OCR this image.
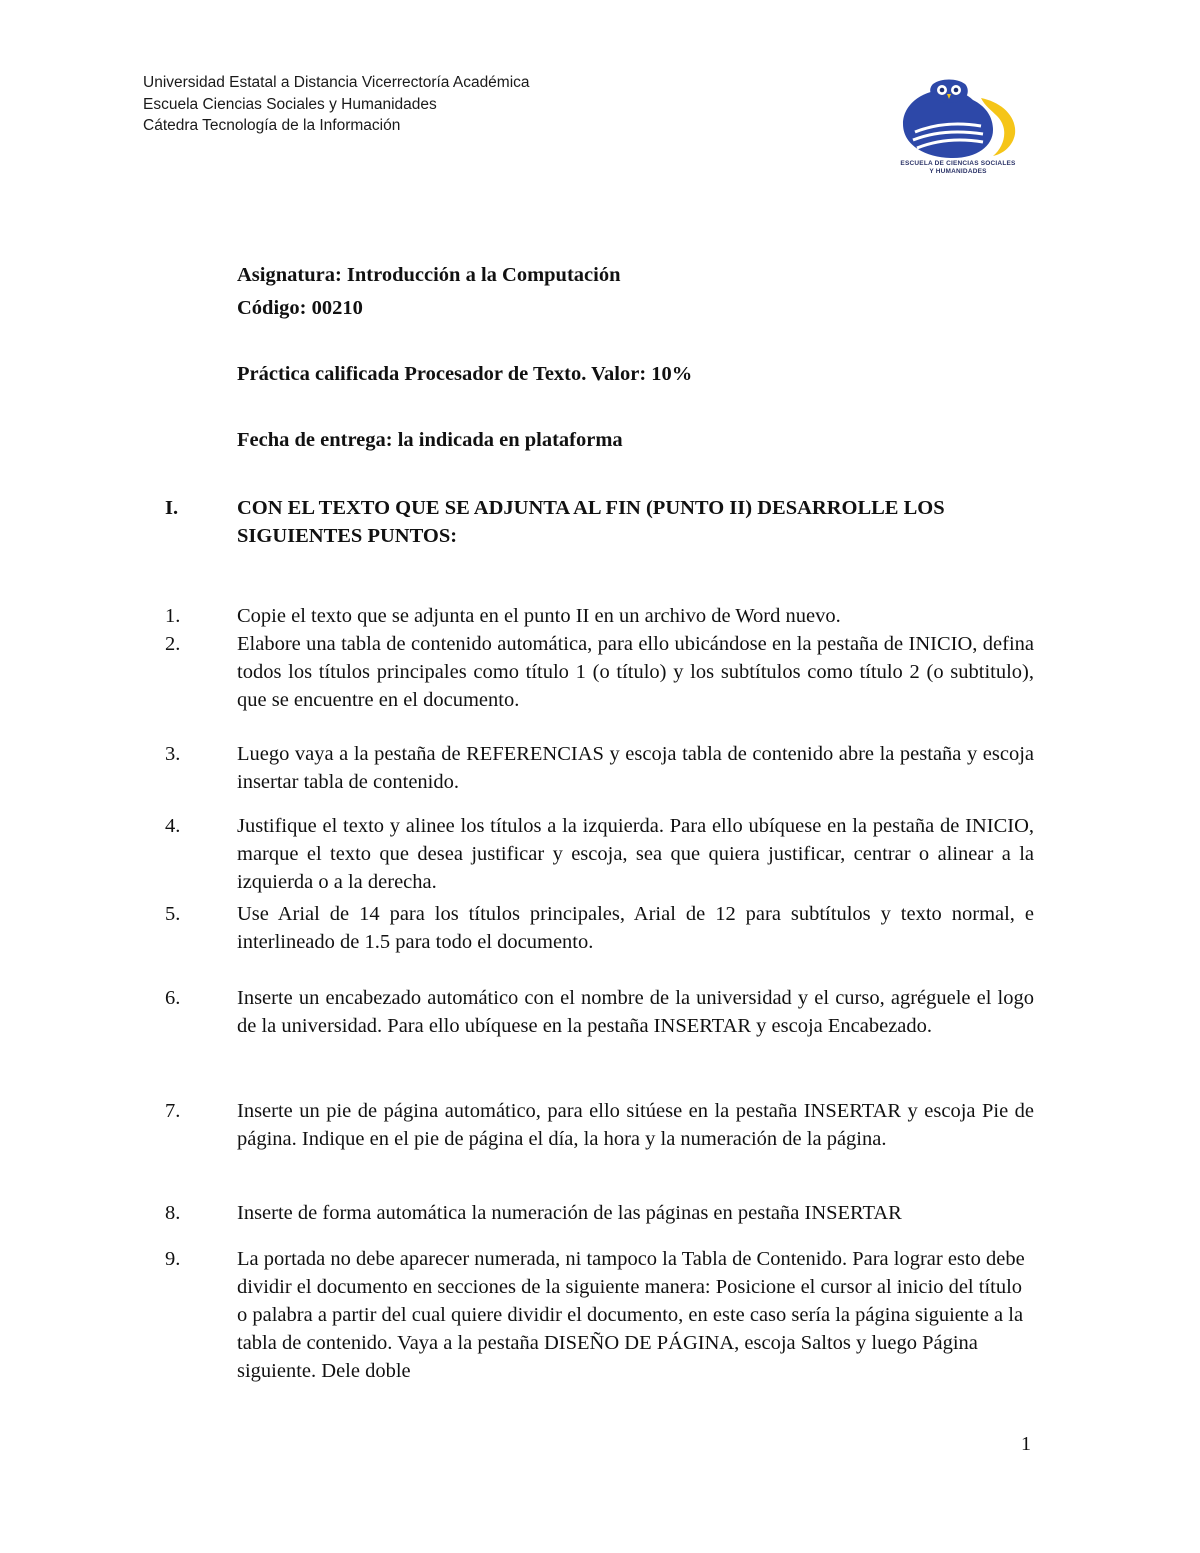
Universidad Estatal a Distancia Vicerrectoría Académica
Escuela Ciencias Sociales y Humanidades
Cátedra Tecnología de la Información
ESCUELA DE CIENCIAS SOCIALES
Y HUMANIDADES
Asignatura: Introducción a la Computación
Código: 00210
Práctica calificada Procesador de Texto. Valor: 10%
Fecha de entrega: la indicada en plataforma
I.	CON EL TEXTO QUE SE ADJUNTA AL FIN (PUNTO II) DESARROLLE LOS SIGUIENTES PUNTOS:
1.	Copie el texto que se adjunta en el punto II en un archivo de Word nuevo.
2.	Elabore una tabla de contenido automática, para ello ubicándose en la pestaña de INICIO, defina todos los títulos principales como título 1 (o título) y los subtítulos como título 2 (o subtitulo), que se encuentre en el documento.
3.	Luego vaya a la pestaña de REFERENCIAS y escoja tabla de contenido abre la pestaña y escoja insertar tabla de contenido.
4.	Justifique el texto y alinee los títulos a la izquierda. Para ello ubíquese en la pestaña de INICIO, marque el texto que desea justificar y escoja, sea que quiera justificar, centrar o alinear a la izquierda o a la derecha.
5.	Use Arial de 14 para los títulos principales, Arial de 12 para subtítulos y texto normal, e interlineado de 1.5 para todo el documento.
6.	Inserte un encabezado automático con el nombre de la universidad y el curso, agréguele el logo de la universidad. Para ello ubíquese en la pestaña INSERTAR y escoja Encabezado.
7.	Inserte un pie de página automático, para ello sitúese en la pestaña INSERTAR y escoja Pie de página. Indique en el pie de página el día, la hora y la numeración de la página.
8.	Inserte de forma automática la numeración de las páginas en pestaña INSERTAR
9.	La portada no debe aparecer numerada, ni tampoco la Tabla de Contenido. Para lograr esto debe dividir el documento en secciones de la siguiente manera: Posicione el cursor al inicio del título o palabra a partir del cual quiere dividir el documento, en este caso sería la página siguiente a la tabla de contenido. Vaya a la pestaña DISEÑO DE PÁGINA, escoja Saltos y luego Página siguiente. Dele doble
1
